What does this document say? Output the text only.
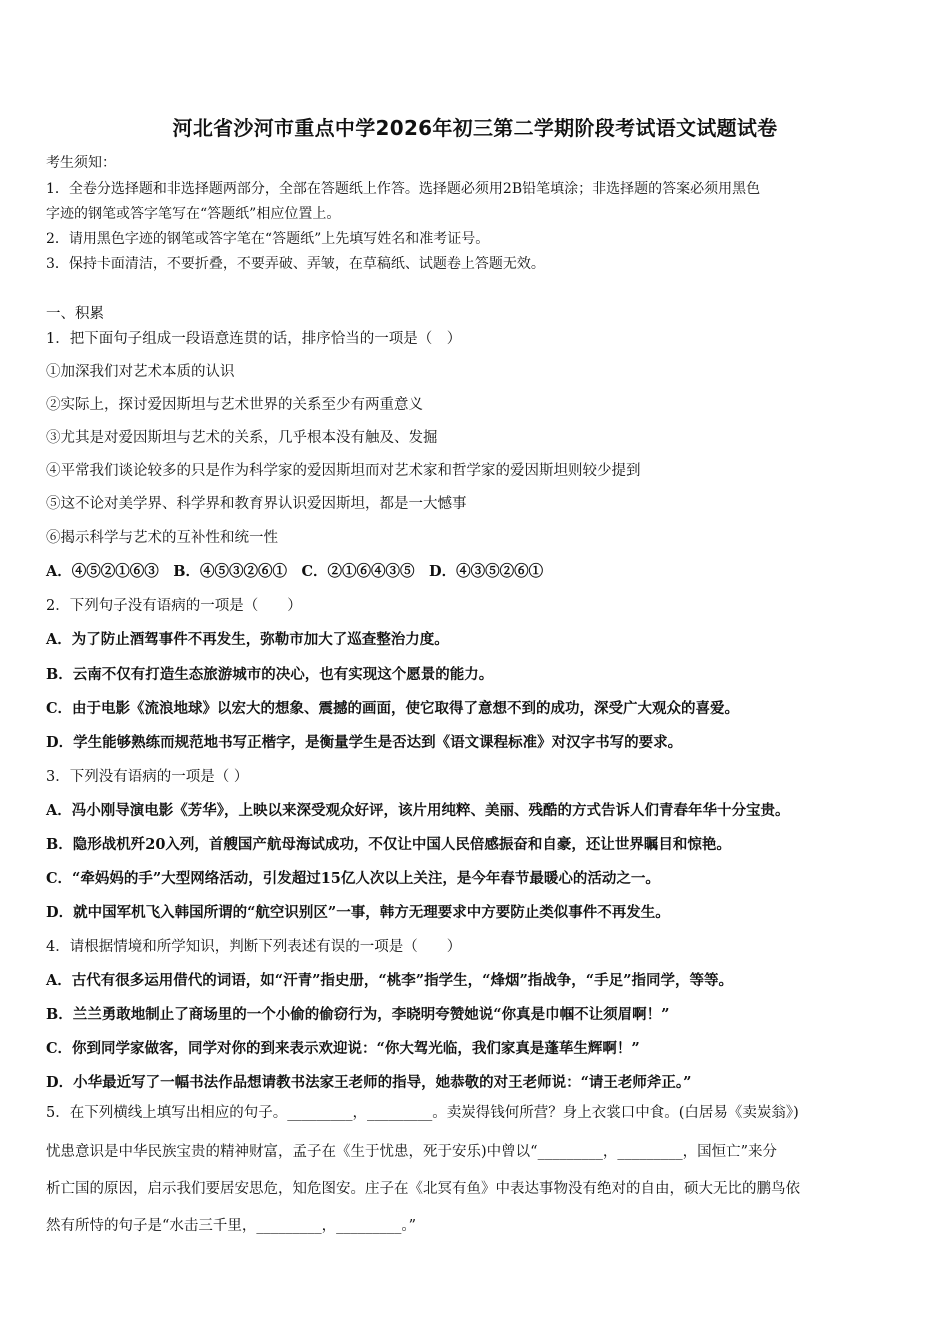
河北省沙河市重点中学2026年初三第二学期阶段考试语文试题试卷
考生须知：
1．全卷分选择题和非选择题两部分，全部在答题纸上作答。选择题必须用2B铅笔填涂；非选择题的答案必须用黑色
字迹的钢笔或答字笔写在“答题纸”相应位置上。
2．请用黑色字迹的钢笔或答字笔在“答题纸”上先填写姓名和准考证号。
3．保持卡面清洁，不要折叠，不要弄破、弄皱，在草稿纸、试题卷上答题无效。
一、积累
1．把下面句子组成一段语意连贯的话，排序恰当的一项是（　）
①加深我们对艺术本质的认识
②实际上，探讨爱因斯坦与艺术世界的关系至少有两重意义
③尤其是对爱因斯坦与艺术的关系，几乎根本没有触及、发掘
④平常我们谈论较多的只是作为科学家的爱因斯坦而对艺术家和哲学家的爱因斯坦则较少提到
⑤这不论对美学界、科学界和教育界认识爱因斯坦，都是一大憾事
⑥揭示科学与艺术的互补性和统一性
A．④⑤②①⑥③　B．④⑤③②⑥①　C．②①⑥④③⑤　D．④③⑤②⑥①
2．下列句子没有语病的一项是（　　）
A．为了防止酒驾事件不再发生，弥勒市加大了巡查整治力度。
B．云南不仅有打造生态旅游城市的决心，也有实现这个愿景的能力。
C．由于电影《流浪地球》以宏大的想象、震撼的画面，使它取得了意想不到的成功，深受广大观众的喜爱。
D．学生能够熟练而规范地书写正楷字，是衡量学生是否达到《语文课程标准》对汉字书写的要求。
3．下列没有语病的一项是（ ）
A．冯小刚导演电影《芳华》，上映以来深受观众好评，该片用纯粹、美丽、残酷的方式告诉人们青春年华十分宝贵。
B．隐形战机歼20入列，首艘国产航母海试成功，不仅让中国人民倍感振奋和自豪，还让世界瞩目和惊艳。
C．“牵妈妈的手”大型网络活动，引发超过15亿人次以上关注，是今年春节最暖心的活动之一。
D．就中国军机飞入韩国所谓的“航空识别区”一事，韩方无理要求中方要防止类似事件不再发生。
4．请根据情境和所学知识，判断下列表述有误的一项是（　　）
A．古代有很多运用借代的词语，如“汗青”指史册，“桃李”指学生，“烽烟”指战争，“手足”指同学，等等。
B．兰兰勇敢地制止了商场里的一个小偷的偷窃行为，李晓明夸赞她说“你真是巾帼不让须眉啊！”
C．你到同学家做客，同学对你的到来表示欢迎说：“你大驾光临，我们家真是蓬荜生辉啊！”
D．小华最近写了一幅书法作品想请教书法家王老师的指导，她恭敬的对王老师说：“请王老师斧正。”
5．在下列横线上填写出相应的句子。_________，_________。卖炭得钱何所营？身上衣裳口中食。(白居易《卖炭翁》)
忧患意识是中华民族宝贵的精神财富，孟子在《生于忧患，死于安乐)中曾以“_________，_________，国恒亡”来分
析亡国的原因，启示我们要居安思危，知危图安。庄子在《北冥有鱼》中表达事物没有绝对的自由，硕大无比的鹏鸟依
然有所恃的句子是“水击三千里，_________，_________。”
